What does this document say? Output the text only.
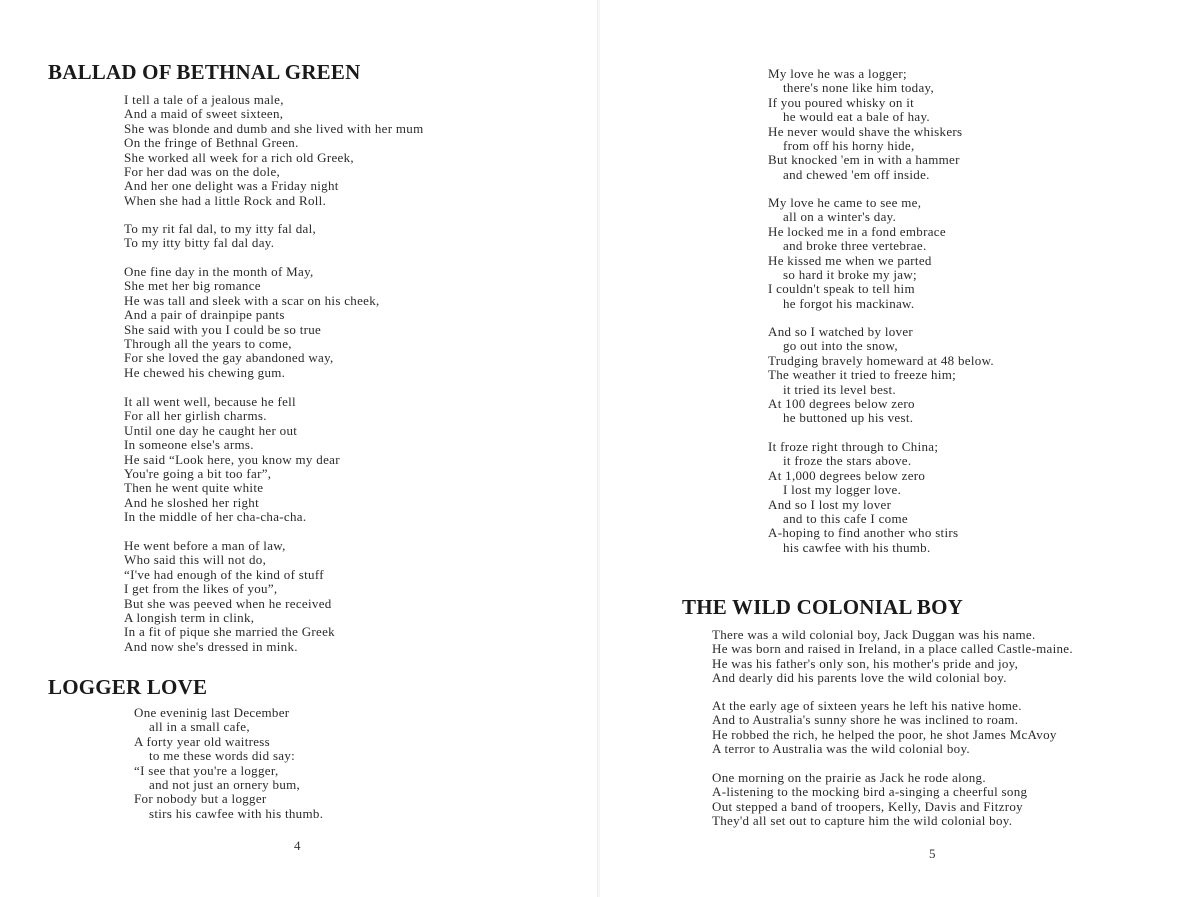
BALLAD OF BETHNAL GREEN
I tell a tale of a jealous male,
And a maid of sweet sixteen,
She was blonde and dumb and she lived with her mum
On the fringe of Bethnal Green.
She worked all week for a rich old Greek,
For her dad was on the dole,
And her one delight was a Friday night
When she had a little Rock and Roll.
To my rit fal dal, to my itty fal dal,
To my itty bitty fal dal day.
One fine day in the month of May,
She met her big romance
He was tall and sleek with a scar on his cheek,
And a pair of drainpipe pants
She said with you I could be so true
Through all the years to come,
For she loved the gay abandoned way,
He chewed his chewing gum.
It all went well, because he fell
For all her girlish charms.
Until one day he caught her out
In someone else's arms.
He said “Look here, you know my dear
You're going a bit too far”,
Then he went quite white
And he sloshed her right
In the middle of her cha-cha-cha.
He went before a man of law,
Who said this will not do,
“I've had enough of the kind of stuff
I get from the likes of you”,
But she was peeved when he received
A longish term in clink,
In a fit of pique she married the Greek
And now she's dressed in mink.
LOGGER LOVE
One eveninig last December
all in a small cafe,
A forty year old waitress
to me these words did say:
“I see that you're a logger,
and not just an ornery bum,
For nobody but a logger
stirs his cawfee with his thumb.
4
My love he was a logger;
there's none like him today,
If you poured whisky on it
he would eat a bale of hay.
He never would shave the whiskers
from off his horny hide,
But knocked 'em in with a hammer
and chewed 'em off inside.
My love he came to see me,
all on a winter's day.
He locked me in a fond embrace
and broke three vertebrae.
He kissed me when we parted
so hard it broke my jaw;
I couldn't speak to tell him
he forgot his mackinaw.
And so I watched by lover
go out into the snow,
Trudging bravely homeward at 48 below.
The weather it tried to freeze him;
it tried its level best.
At 100 degrees below zero
he buttoned up his vest.
It froze right through to China;
it froze the stars above.
At 1,000 degrees below zero
I lost my logger love.
And so I lost my lover
and to this cafe I come
A-hoping to find another who stirs
his cawfee with his thumb.
THE WILD COLONIAL BOY
There was a wild colonial boy, Jack Duggan was his name.
He was born and raised in Ireland, in a place called Castle-maine.
He was his father's only son, his mother's pride and joy,
And dearly did his parents love the wild colonial boy.
At the early age of sixteen years he left his native home.
And to Australia's sunny shore he was inclined to roam.
He robbed the rich, he helped the poor, he shot James McAvoy
A terror to Australia was the wild colonial boy.
One morning on the prairie as Jack he rode along.
A-listening to the mocking bird a-singing a cheerful song
Out stepped a band of troopers, Kelly, Davis and Fitzroy
They'd all set out to capture him the wild colonial boy.
5
